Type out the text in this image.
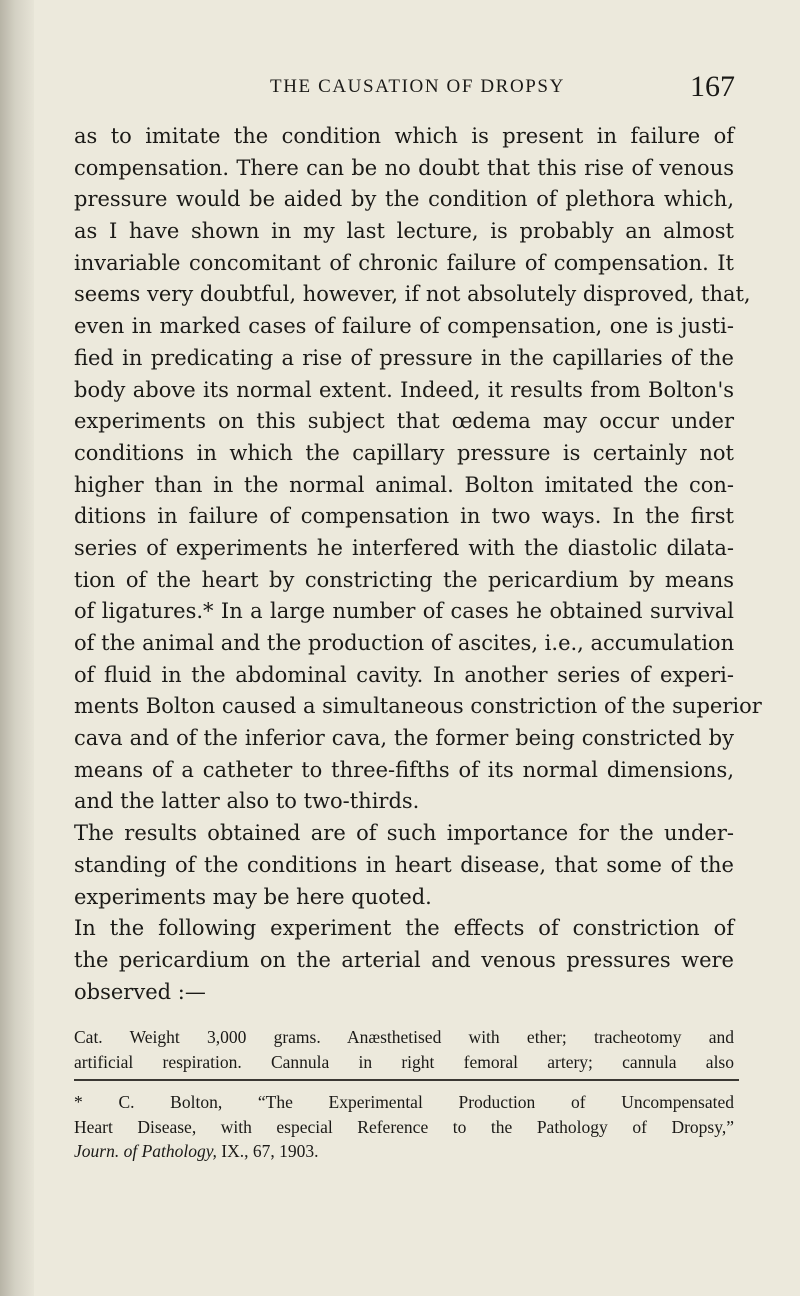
THE CAUSATION OF DROPSY	167
as to imitate the condition which is present in failure of
compensation. There can be no doubt that this rise of venous
pressure would be aided by the condition of plethora which,
as I have shown in my last lecture, is probably an almost
invariable concomitant of chronic failure of compensation. It
seems very doubtful, however, if not absolutely disproved, that,
even in marked cases of failure of compensation, one is justi-
fied in predicating a rise of pressure in the capillaries of the
body above its normal extent. Indeed, it results from Bolton's
experiments on this subject that œdema may occur under
conditions in which the capillary pressure is certainly not
higher than in the normal animal. Bolton imitated the con-
ditions in failure of compensation in two ways. In the first
series of experiments he interfered with the diastolic dilata-
tion of the heart by constricting the pericardium by means
of ligatures.* In a large number of cases he obtained survival
of the animal and the production of ascites, i.e., accumulation
of fluid in the abdominal cavity. In another series of experi-
ments Bolton caused a simultaneous constriction of the superior
cava and of the inferior cava, the former being constricted by
means of a catheter to three-fifths of its normal dimensions,
and the latter also to two-thirds.
The results obtained are of such importance for the under-
standing of the conditions in heart disease, that some of the
experiments may be here quoted.
In the following experiment the effects of constriction of
the pericardium on the arterial and venous pressures were
observed :—
Cat. Weight 3,000 grams. Anæsthetised with ether; tracheotomy and
artificial respiration. Cannula in right femoral artery; cannula also
* C. Bolton, “The Experimental Production of Uncompensated
Heart Disease, with especial Reference to the Pathology of Dropsy,”
Journ. of Pathology, IX., 67, 1903.
